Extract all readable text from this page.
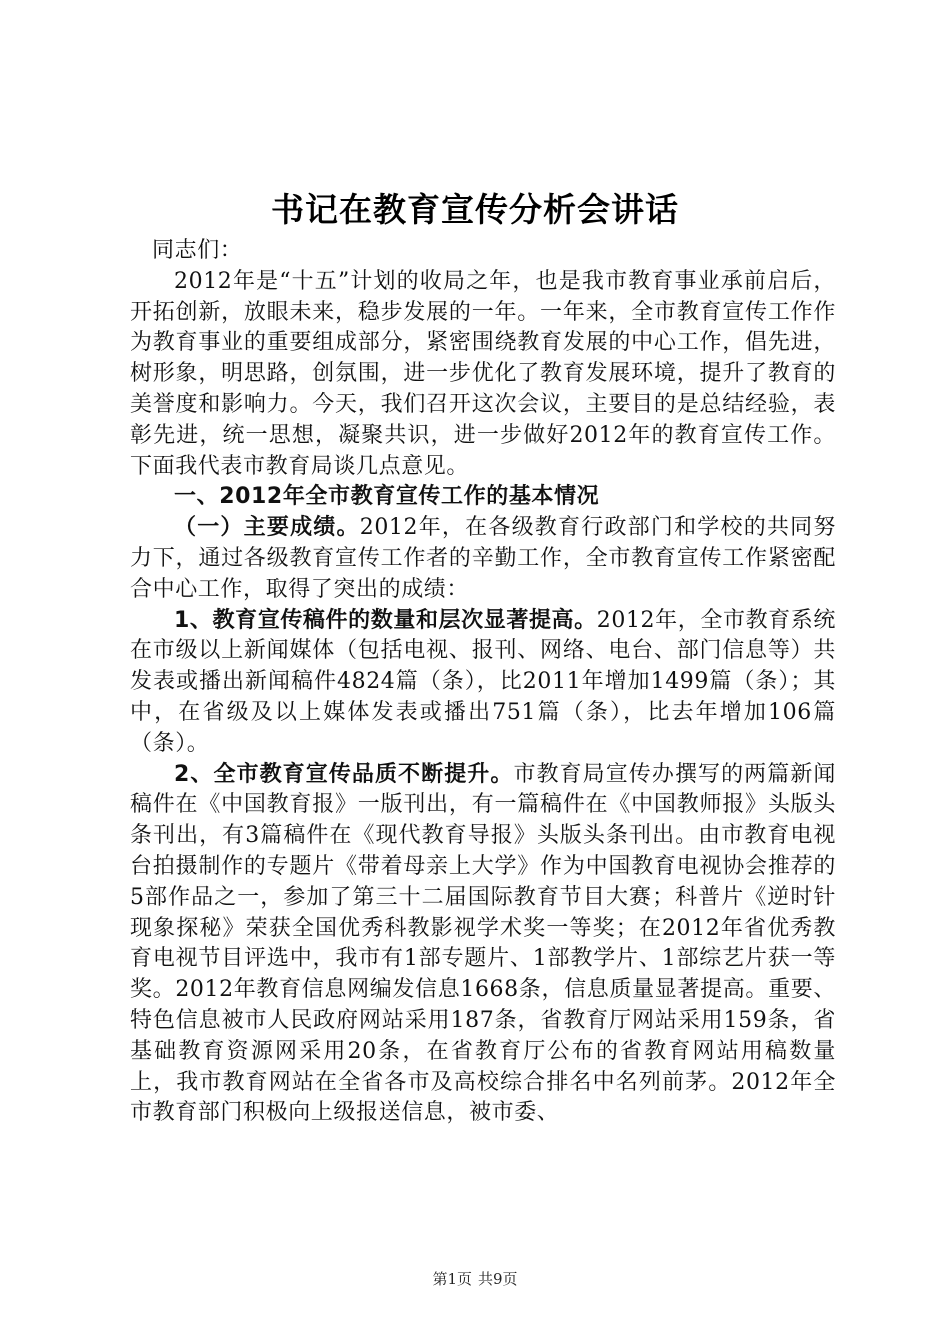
书记在教育宣传分析会讲话

同志们：

2012年是“十五”计划的收局之年，也是我市教育事业承前启后，开拓创新，放眼未来，稳步发展的一年。一年来，全市教育宣传工作作为教育事业的重要组成部分，紧密围绕教育发展的中心工作，倡先进，树形象，明思路，创氛围，进一步优化了教育发展环境，提升了教育的美誉度和影响力。今天，我们召开这次会议，主要目的是总结经验，表彰先进，统一思想，凝聚共识，进一步做好2012年的教育宣传工作。下面我代表市教育局谈几点意见。

一、2012年全市教育宣传工作的基本情况

（一）主要成绩。2012年，在各级教育行政部门和学校的共同努力下，通过各级教育宣传工作者的辛勤工作，全市教育宣传工作紧密配合中心工作，取得了突出的成绩：

1、教育宣传稿件的数量和层次显著提高。2012年，全市教育系统在市级以上新闻媒体（包括电视、报刊、网络、电台、部门信息等）共发表或播出新闻稿件4824篇（条），比2011年增加1499篇（条）；其中，在省级及以上媒体发表或播出751篇（条），比去年增加106篇（条）。

2、全市教育宣传品质不断提升。市教育局宣传办撰写的两篇新闻稿件在《中国教育报》一版刊出，有一篇稿件在《中国教师报》头版头条刊出，有3篇稿件在《现代教育导报》头版头条刊出。由市教育电视台拍摄制作的专题片《带着母亲上大学》作为中国教育电视协会推荐的5部作品之一，参加了第三十二届国际教育节目大赛；科普片《逆时针现象探秘》荣获全国优秀科教影视学术奖一等奖；在2012年省优秀教育电视节目评选中，我市有1部专题片、1部教学片、1部综艺片获一等奖。2012年教育信息网编发信息1668条，信息质量显著提高。重要、特色信息被市人民政府网站采用187条，省教育厅网站采用159条，省基础教育资源网采用20条，在省教育厅公布的省教育网站用稿数量上，我市教育网站在全省各市及高校综合排名中名列前茅。2012年全市教育部门积极向上级报送信息，被市委、

第1页 共9页
